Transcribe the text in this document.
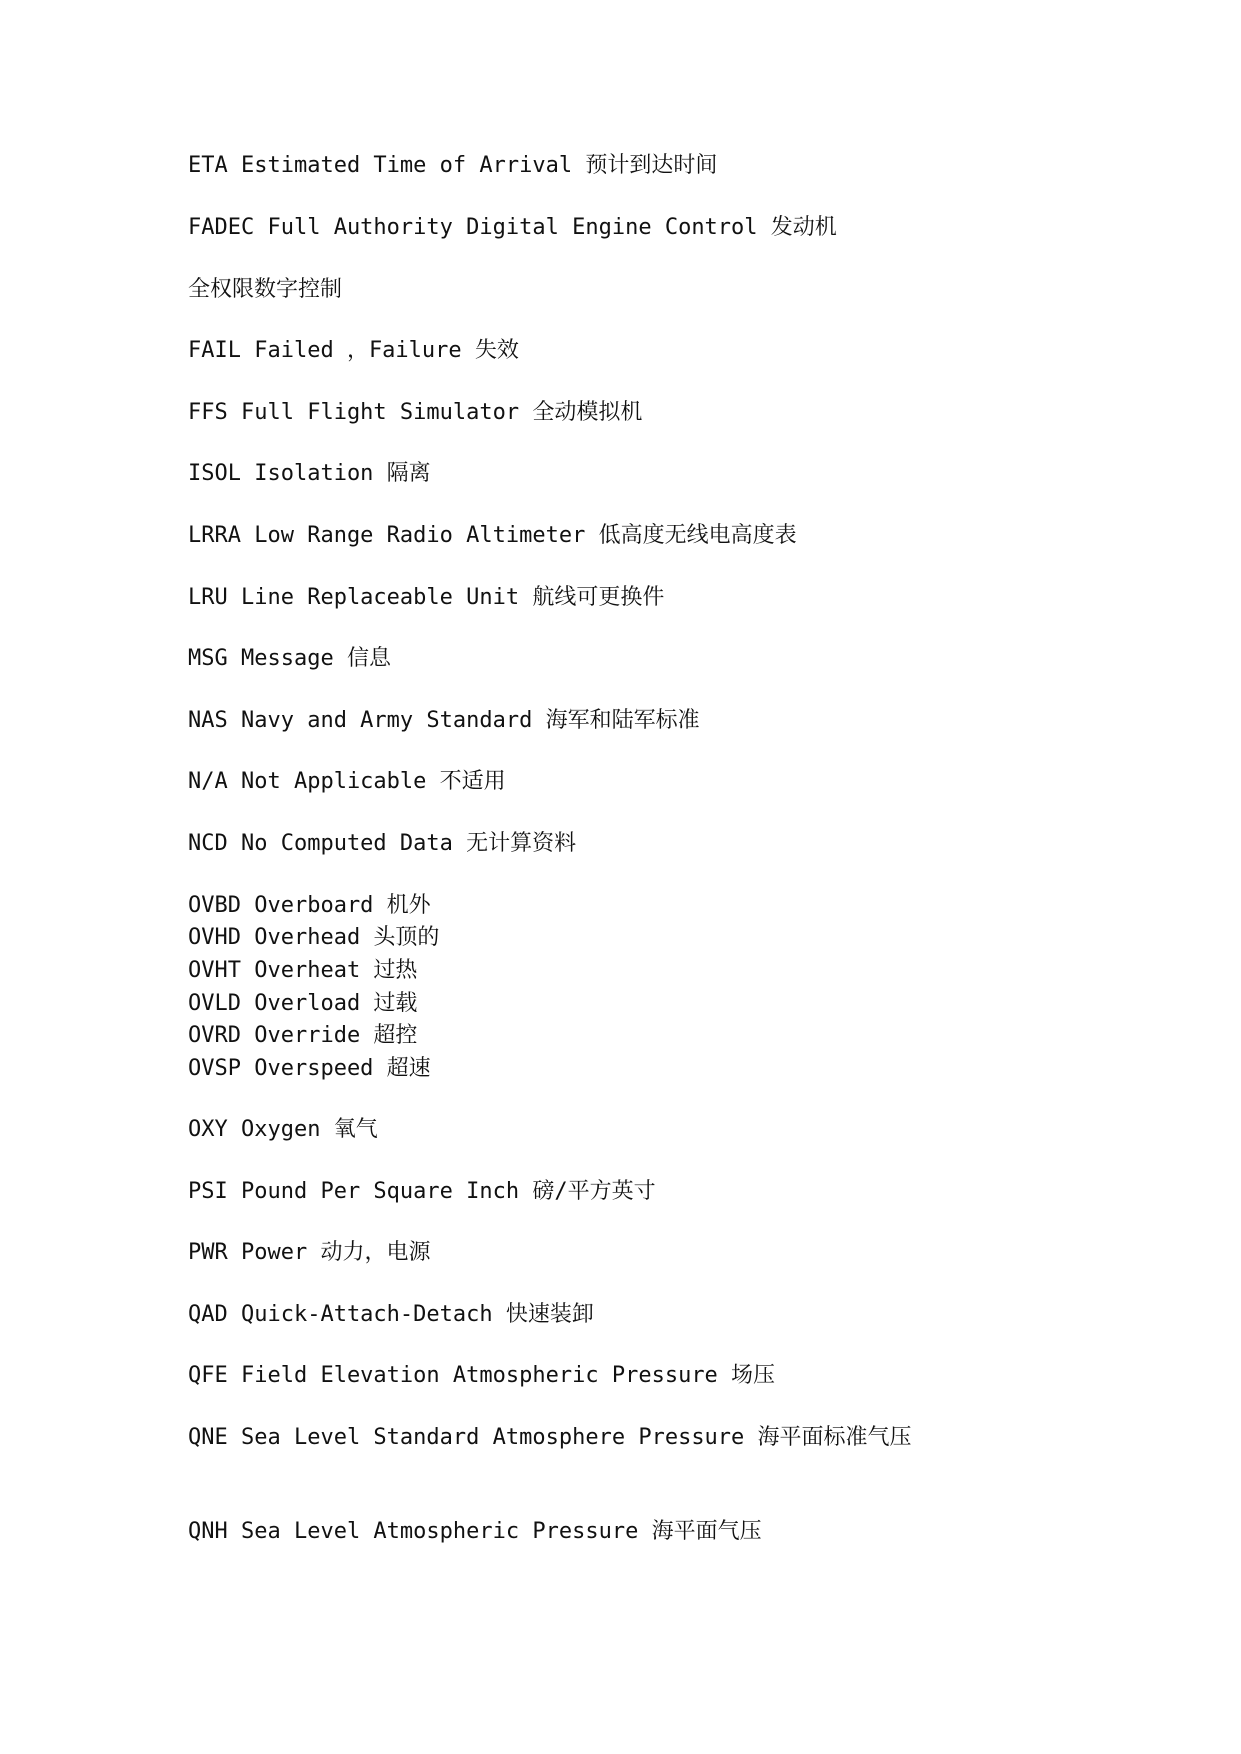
ETA Estimated Time of Arrival 预计到达时间
FADEC Full Authority Digital Engine Control 发动机
全权限数字控制
FAIL Failed ，Failure 失效
FFS Full Flight Simulator 全动模拟机
ISOL Isolation 隔离
LRRA Low Range Radio Altimeter 低高度无线电高度表
LRU Line Replaceable Unit 航线可更换件
MSG Message 信息
NAS Navy and Army Standard 海军和陆军标准
N/A Not Applicable 不适用
NCD No Computed Data 无计算资料
OVBD Overboard 机外
OVHD Overhead 头顶的
OVHT Overheat 过热
OVLD Overload 过载
OVRD Override 超控
OVSP Overspeed 超速
OXY Oxygen 氧气
PSI Pound Per Square Inch 磅/平方英寸
PWR Power 动力，电源
QAD Quick-Attach-Detach 快速装卸
QFE Field Elevation Atmospheric Pressure 场压
QNE Sea Level Standard Atmosphere Pressure 海平面标准气压
QNH Sea Level Atmospheric Pressure 海平面气压
